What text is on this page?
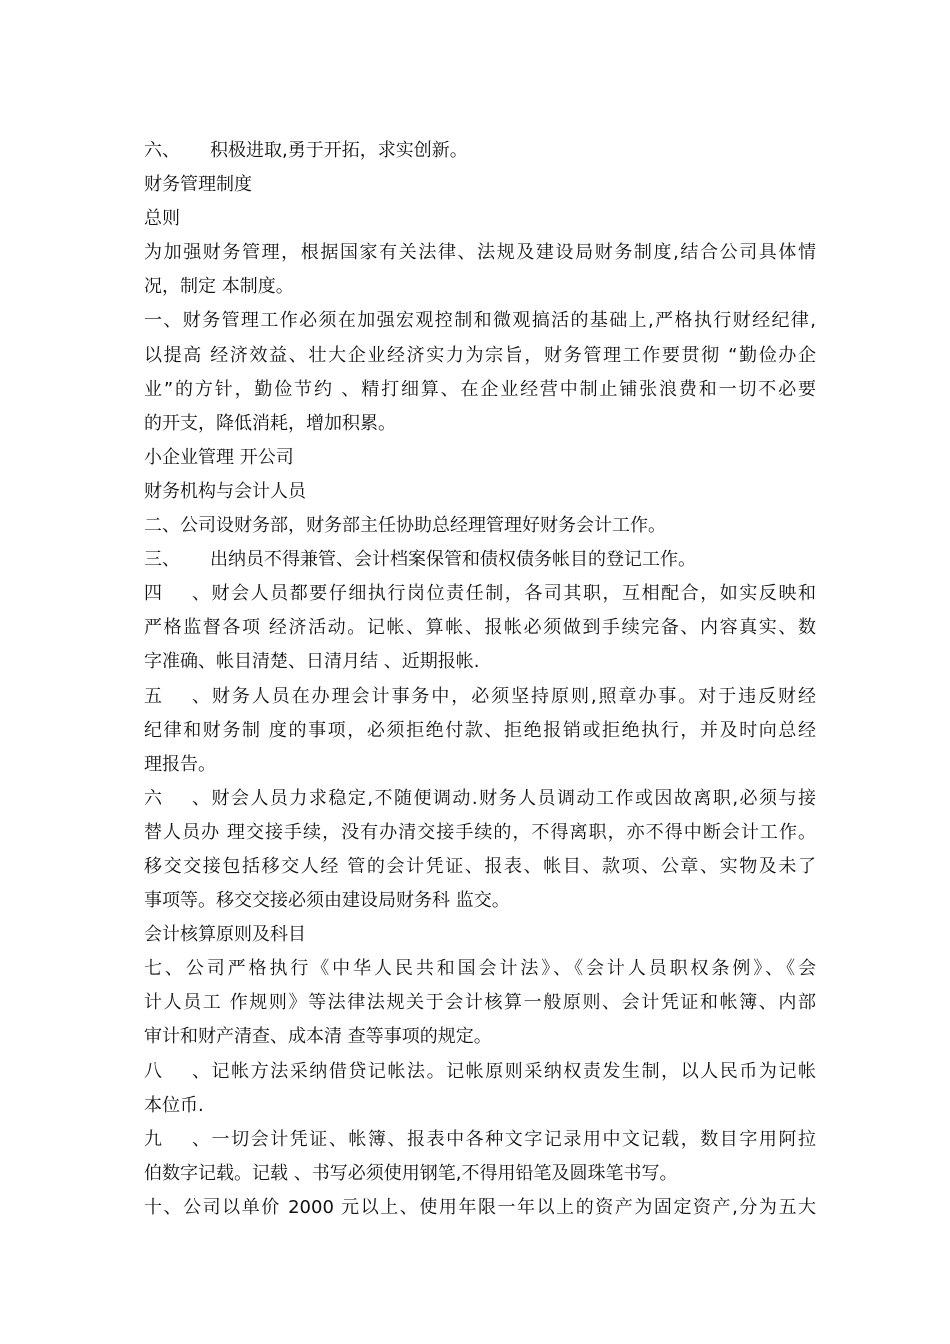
六、 积极进取,勇于开拓，求实创新。
财务管理制度
总则
为加强财务管理，根据国家有关法律、法规及建设局财务制度,结合公司具体情
况，制定 本制度。
一、财务管理工作必须在加强宏观控制和微观搞活的基础上,严格执行财经纪律,
以提高 经济效益、壮大企业经济实力为宗旨，财务管理工作要贯彻 “勤俭办企
业”的方针，勤俭节约 、精打细算、在企业经营中制止铺张浪费和一切不必要
的开支，降低消耗，增加积累。
小企业管理 开公司
财务机构与会计人员
二、公司设财务部，财务部主任协助总经理管理好财务会计工作。
三、 出纳员不得兼管、会计档案保管和债权债务帐目的登记工作。
四、财会人员都要仔细执行岗位责任制，各司其职，互相配合，如实反映和
严格监督各项 经济活动。记帐、算帐、报帐必须做到手续完备、内容真实、数
字准确、帐目清楚、日清月结 、近期报帐.
五、财务人员在办理会计事务中，必须坚持原则,照章办事。对于违反财经
纪律和财务制 度的事项，必须拒绝付款、拒绝报销或拒绝执行，并及时向总经
理报告。
六、财会人员力求稳定,不随便调动.财务人员调动工作或因故离职,必须与接
替人员办 理交接手续，没有办清交接手续的，不得离职，亦不得中断会计工作。
移交交接包括移交人经 管的会计凭证、报表、帐目、款项、公章、实物及未了
事项等。移交交接必须由建设局财务科 监交。
会计核算原则及科目
七、公司严格执行《中华人民共和国会计法》、《会计人员职权条例》、《会
计人员工 作规则》等法律法规关于会计核算一般原则、会计凭证和帐簿、内部
审计和财产清查、成本清 查等事项的规定。
八、记帐方法采纳借贷记帐法。记帐原则采纳权责发生制，以人民币为记帐
本位币.
九、一切会计凭证、帐簿、报表中各种文字记录用中文记载，数目字用阿拉
伯数字记载。记载 、书写必须使用钢笔,不得用铅笔及圆珠笔书写。
十、公司以单价 2000 元以上、使用年限一年以上的资产为固定资产,分为五大
